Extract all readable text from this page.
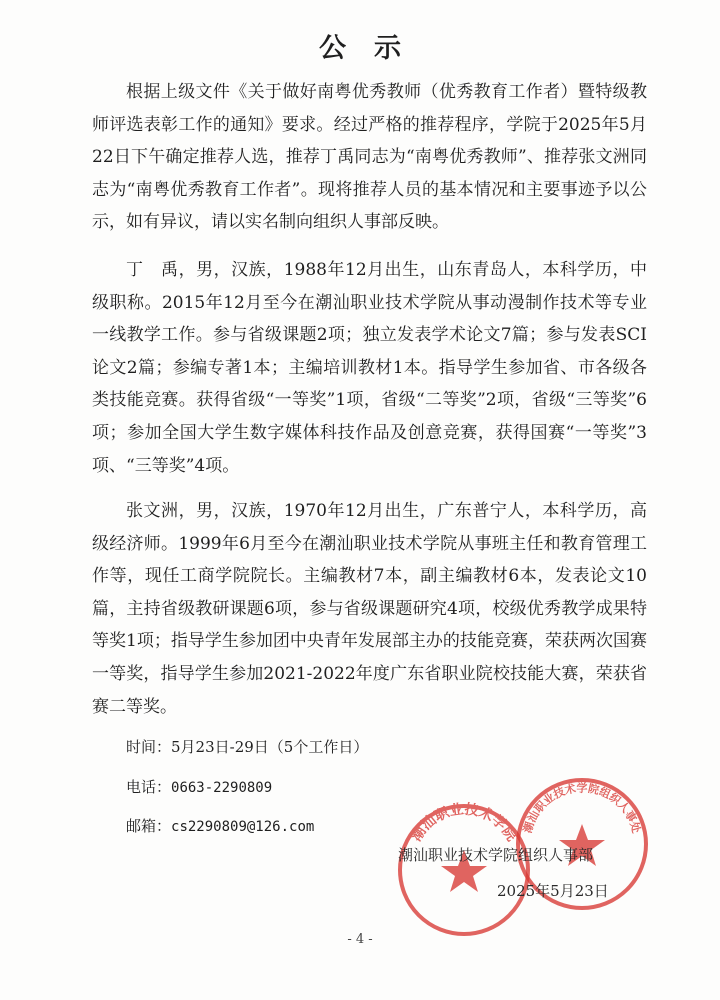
公示

根据上级文件《关于做好南粤优秀教师（优秀教育工作者）暨特级教师评选表彰工作的通知》要求。经过严格的推荐程序，学院于2025年5月22日下午确定推荐人选，推荐丁禹同志为“南粤优秀教师”、推荐张文洲同志为“南粤优秀教育工作者”。现将推荐人员的基本情况和主要事迹予以公示，如有异议，请以实名制向组织人事部反映。

丁　禹，男，汉族，1988年12月出生，山东青岛人，本科学历，中级职称。2015年12月至今在潮汕职业技术学院从事动漫制作技术等专业一线教学工作。参与省级课题2项；独立发表学术论文7篇；参与发表SCI论文2篇；参编专著1本；主编培训教材1本。指导学生参加省、市各级各类技能竞赛。获得省级“一等奖”1项，省级“二等奖”2项，省级“三等奖”6项；参加全国大学生数字媒体科技作品及创意竞赛，获得国赛“一等奖”3项、“三等奖”4项。

张文洲，男，汉族，1970年12月出生，广东普宁人，本科学历，高级经济师。1999年6月至今在潮汕职业技术学院从事班主任和教育管理工作等，现任工商学院院长。主编教材7本，副主编教材6本，发表论文10篇，主持省级教研课题6项，参与省级课题研究4项，校级优秀教学成果特等奖1项；指导学生参加团中央青年发展部主办的技能竞赛，荣获两次国赛一等奖，指导学生参加2021-2022年度广东省职业院校技能大赛，荣获省赛二等奖。

时间：5月23日-29日（5个工作日）
电话：0663-2290809
邮箱：cs2290809@126.com	潮汕职业技术学院 潮汕职业技术学院组织人事处
潮汕职业技术学院组织人事部
2025年5月23日
- 4 -
